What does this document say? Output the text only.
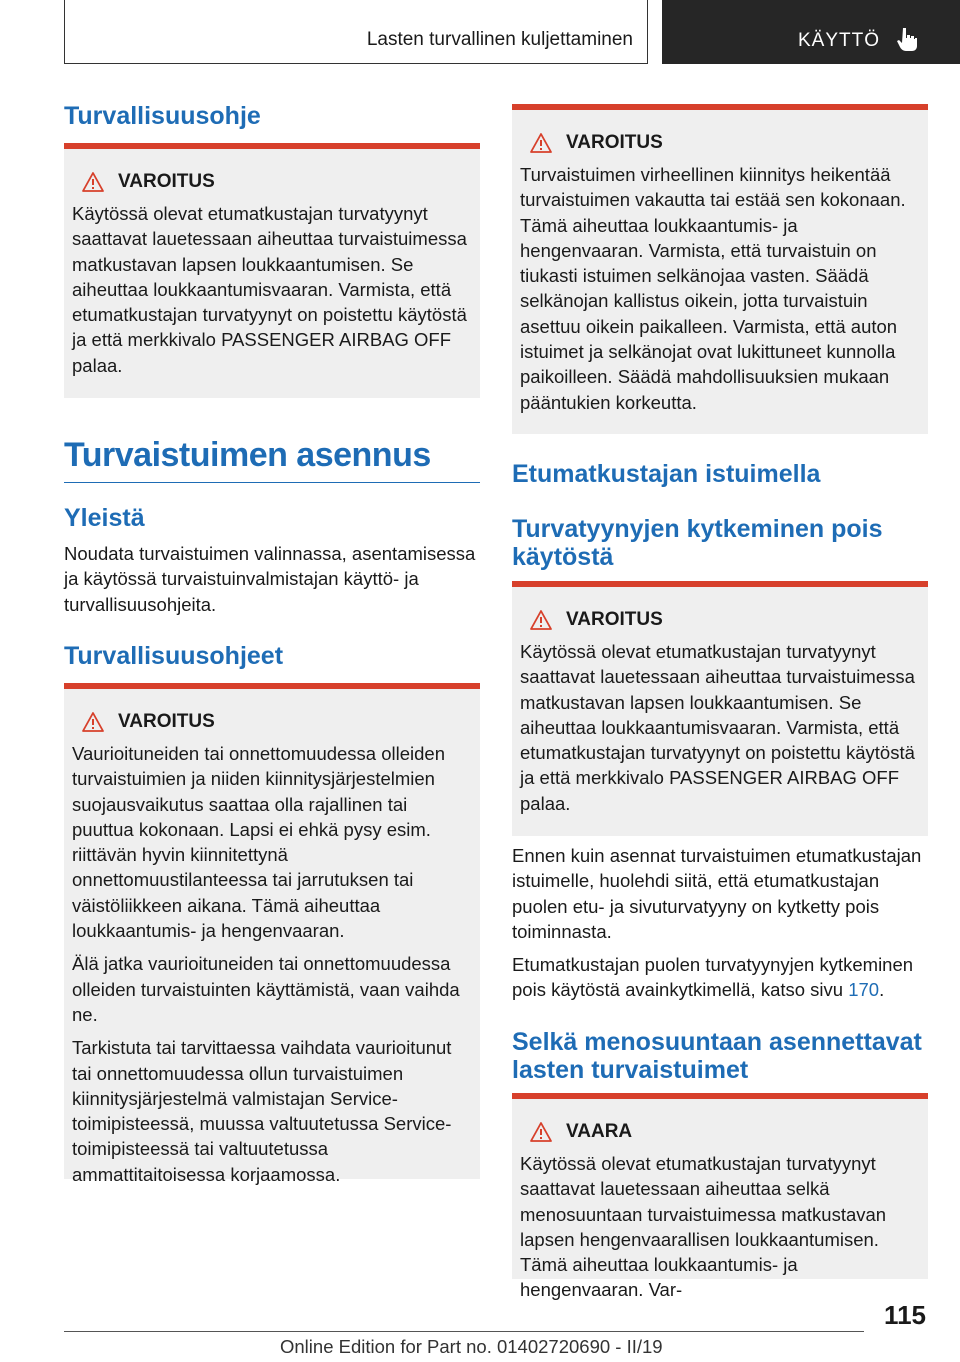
Lasten turvallinen kuljettaminen	KÄYTTÖ
Turvallisuusohje
VAROITUS

Käytössä olevat etumatkustajan turvatyynyt saattavat lauetessaan aiheuttaa turvaistuimessa matkustavan lapsen loukkaantumisen. Se aiheuttaa loukkaantumisvaaran. Varmista, että etumatkustajan turvatyynyt on poistettu käytöstä ja että merkkivalo PASSENGER AIRBAG OFF palaa.

Turvaistuimen asennus
Yleistä

Noudata turvaistuimen valinnassa, asentamisessa ja käytössä turvaistuinvalmistajan käyttö- ja turvallisuusohjeita.

Turvallisuusohjeet
VAROITUS

Vaurioituneiden tai onnettomuudessa olleiden turvaistuimien ja niiden kiinnitysjärjestelmien suojausvaikutus saattaa olla rajallinen tai puuttua kokonaan. Lapsi ei ehkä pysy esim. riittävän hyvin kiinnitettynä onnettomuustilanteessa tai jarrutuksen tai väistöliikkeen aikana. Tämä aiheuttaa loukkaantumis- ja hengenvaaran.

Älä jatka vaurioituneiden tai onnettomuudessa olleiden turvaistuinten käyttämistä, vaan vaihda ne.

Tarkistuta tai tarvittaessa vaihdata vaurioitunut tai onnettomuudessa ollun turvaistuimen kiinnitysjärjestelmä valmistajan Service-toimipisteessä, muussa valtuutetussa Service-toimipisteessä tai valtuutetussa ammattitaitoisessa korjaamossa.

VAROITUS

Turvaistuimen virheellinen kiinnitys heikentää turvaistuimen vakautta tai estää sen kokonaan. Tämä aiheuttaa loukkaantumis- ja hengenvaaran. Varmista, että turvaistuin on tiukasti istuimen selkänojaa vasten. Säädä selkänojan kallistus oikein, jotta turvaistuin asettuu oikein paikalleen. Varmista, että auton istuimet ja selkänojat ovat lukittuneet kunnolla paikoilleen. Säädä mahdollisuuksien mukaan pääntukien korkeutta.

Etumatkustajan istuimella
Turvatyynyjen kytkeminen pois käytöstä
VAROITUS

Käytössä olevat etumatkustajan turvatyynyt saattavat lauetessaan aiheuttaa turvaistuimessa matkustavan lapsen loukkaantumisen. Se aiheuttaa loukkaantumisvaaran. Varmista, että etumatkustajan turvatyynyt on poistettu käytöstä ja että merkkivalo PASSENGER AIRBAG OFF palaa.

Ennen kuin asennat turvaistuimen etumatkustajan istuimelle, huolehdi siitä, että etumatkustajan puolen etu- ja sivuturvatyyny on kytketty pois toiminnasta.

Etumatkustajan puolen turvatyynyjen kytkeminen pois käytöstä avainkytkimellä, katso sivu 170.

Selkä menosuuntaan asennettavat lasten turvaistuimet
VAARA

Käytössä olevat etumatkustajan turvatyynyt saattavat lauetessaan aiheuttaa selkä menosuuntaan turvaistuimessa matkustavan lapsen hengenvaarallisen loukkaantumisen. Tämä aiheuttaa loukkaantumis- ja hengenvaaran. Var-

115
Online Edition for Part no. 01402720690 - II/19
